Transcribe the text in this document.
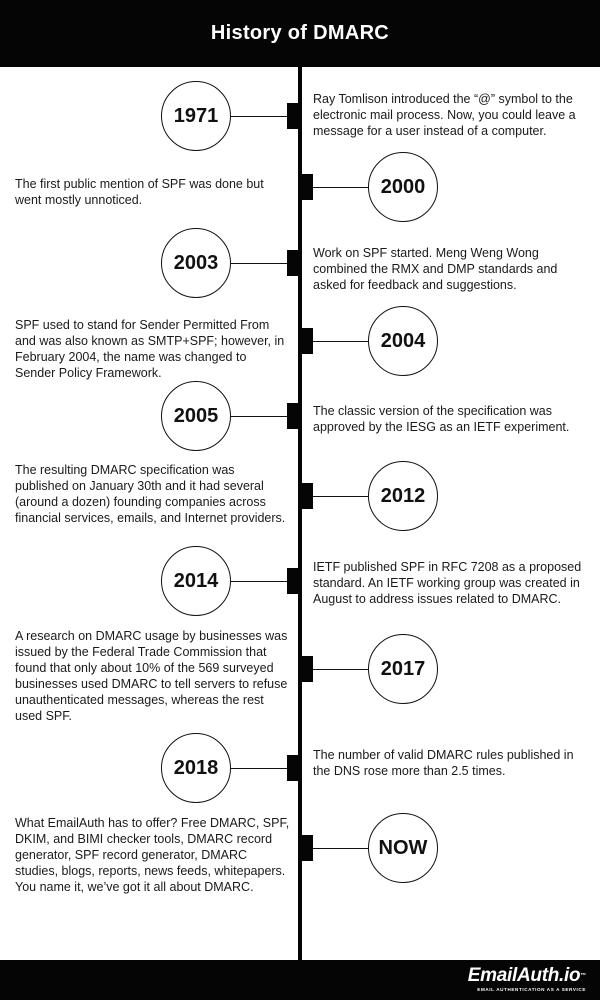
History of DMARC
1971
Ray Tomlison introduced the “@” symbol to the electronic mail process. Now, you could leave a message for a user instead of a computer.
The first public mention of SPF was done but went mostly unnoticed.
2000
2003	Work on SPF started. Meng Weng Wong combined the RMX and DMP standards and asked for feedback and suggestions.
SPF used to stand for Sender Permitted From and was also known as SMTP+SPF; however, in February 2004, the name was changed to Sender Policy Framework.
2004
2005	The classic version of the specification was approved by the IESG as an IETF experiment.
The resulting DMARC specification was published on January 30th and it had several (around a dozen) founding companies across financial services, emails, and Internet providers.
2012
2014
IETF published SPF in RFC 7208 as a proposed standard. An IETF working group was created in August to address issues related to DMARC.
A research on DMARC usage by businesses was issued by the Federal Trade Commission that found that only about 10% of the 569 surveyed businesses used DMARC to tell servers to refuse unauthenticated messages, whereas the rest used SPF.
2017
2018
The number of valid DMARC rules published in the DNS rose more than 2.5 times.
What EmailAuth has to offer? Free DMARC, SPF, DKIM, and BIMI checker tools, DMARC record generator, SPF record generator, DMARC studies, blogs, reports, news feeds, whitepapers. You name it, we’ve got it all about DMARC.
NOW
EmailAuth.io™
EMAIL AUTHENTICATION AS A SERVICE
